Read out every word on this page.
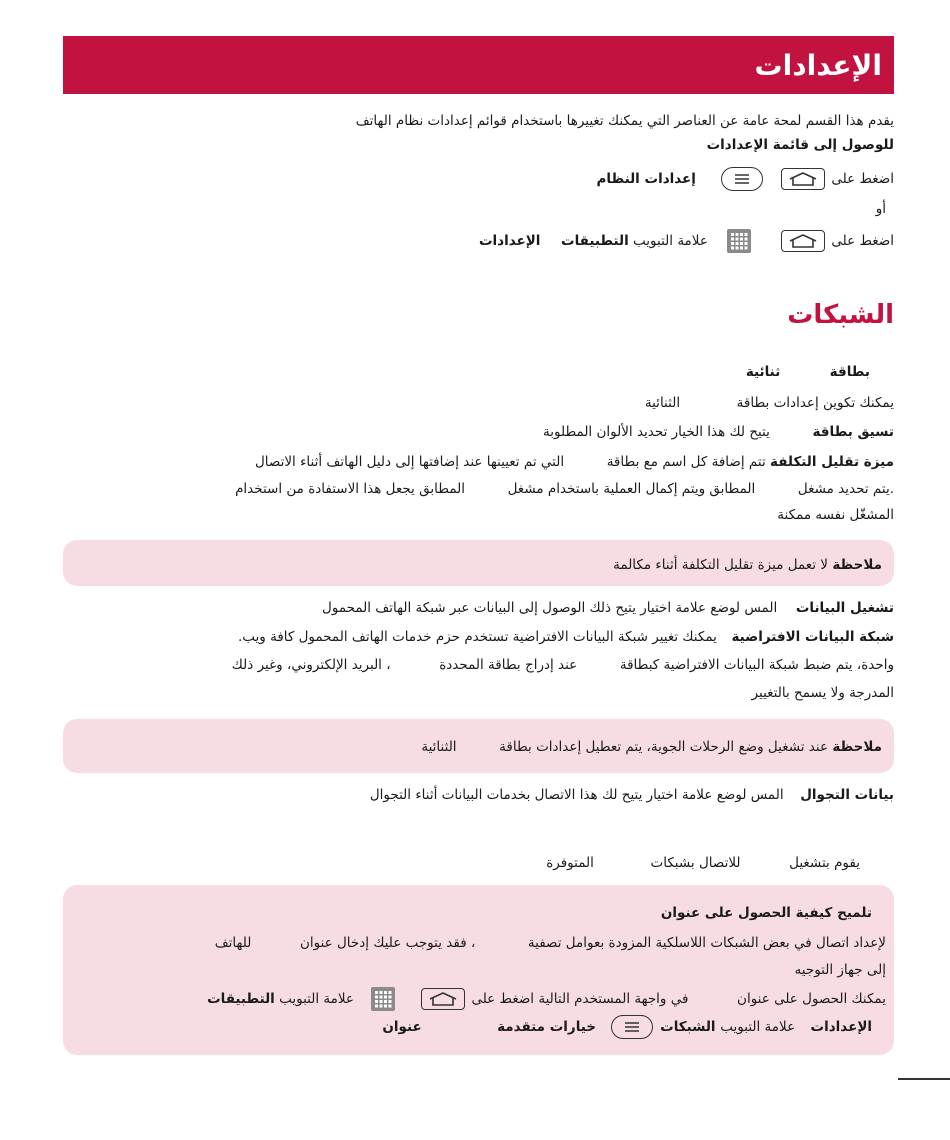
الإعدادات
يقدم هذا القسم لمحة عامة عن العناصر التي يمكنك تغييرها باستخدام قوائم إعدادات نظام الهاتف
للوصول إلى قائمة الإعدادات
اضغط على

إعدادات النظام
أو
اضغط على

علامة التبويب التطبيقات  الإعدادات
الشبكات
بطاقة  ثنائية
يمكنك تكوين إعدادات بطاقة  الثنائية
تسيق بطاقة  يتيح لك هذا الخيار تحديد الألوان المطلوبة
ميزة تقليل التكلفة تتم إضافة كل اسم مع بطاقة  التي تم تعيينها عند إضافتها إلى دليل الهاتف أثناء الاتصال
.يتم تحديد مشغل  المطابق ويتم إكمال العملية باستخدام مشغل  المطابق يجعل هذا الاستفادة من استخدام
المشغّل نفسه ممكنة
ملاحظة لا تعمل ميزة تقليل التكلفة أثناء مكالمة
تشغيل البيانات  المس لوضع علامة اختيار يتيح ذلك الوصول إلى البيانات عبر شبكة الهاتف المحمول
شبكة البيانات الافتراضية  يمكنك تغيير شبكة البيانات الافتراضية تستخدم حزم خدمات الهاتف المحمول كافة ويب.
واحدة، يتم ضبط شبكة البيانات الافتراضية كبطاقة  عند إدراج بطاقة المحددة  ، البريد الإلكتروني، وغير ذلك
المدرجة ولا يسمح بالتغيير
ملاحظة عند تشغيل وضع الرحلات الجوية، يتم تعطيل إعدادات بطاقة  الثنائية
بيانات التجوال  المس لوضع علامة اختيار يتيح لك هذا الاتصال بخدمات البيانات أثناء التجوال
يقوم بتشغيل  للاتصال بشبكات  المتوفرة
تلميح كيفية الحصول على عنوان
لإعداد اتصال في بعض الشبكات اللاسلكية المزودة بعوامل تصفية  ، فقد يتوجب عليك إدخال عنوان  للهاتف
إلى جهاز التوجيه
يمكنك الحصول على عنوان  في واجهة المستخدم التالية اضغط على

علامة التبويب التطبيقات
الإعدادات  علامة التبويب الشبكات
خيارات متقدمة  عنوان
